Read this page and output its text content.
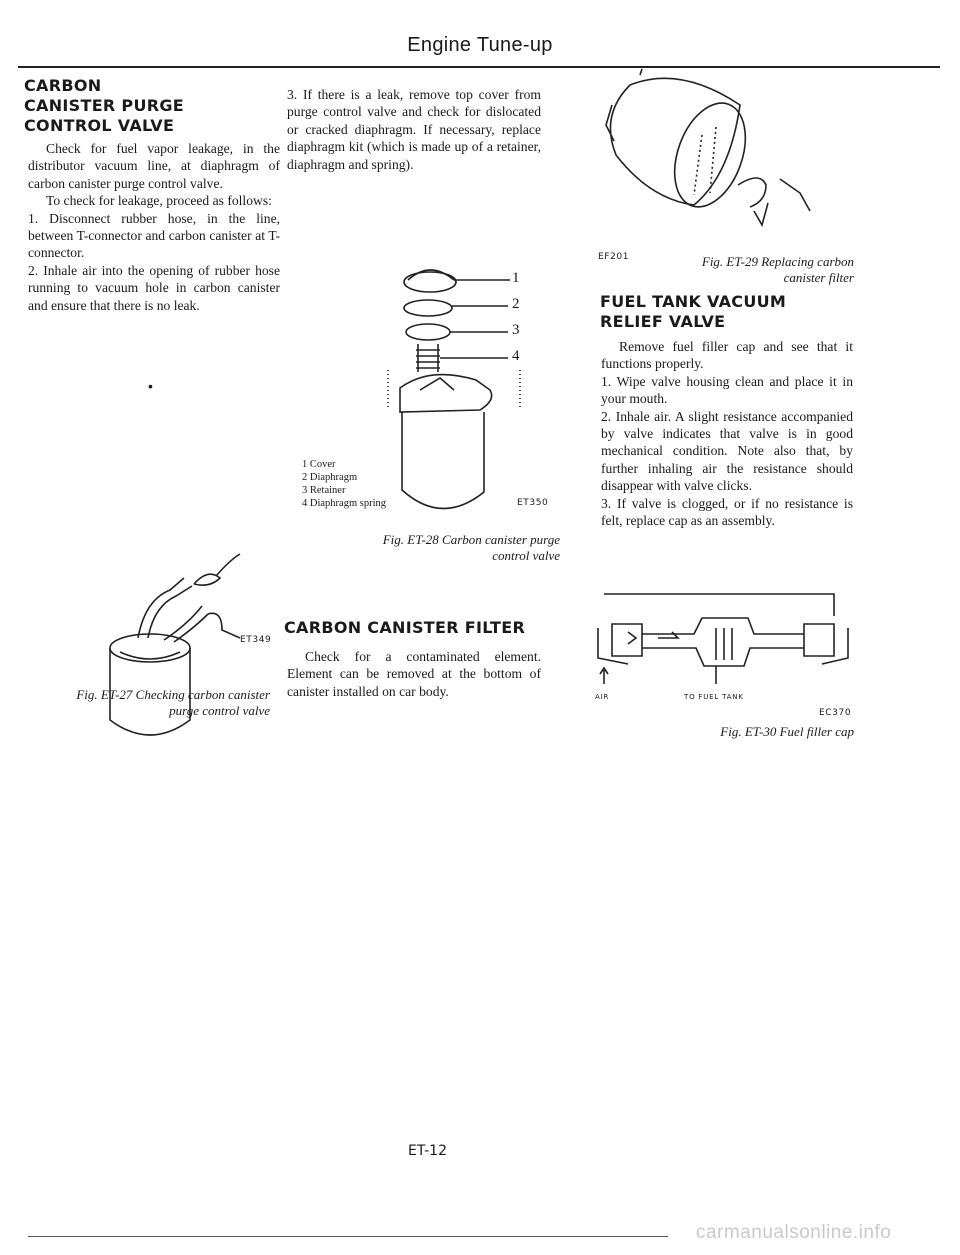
Engine Tune-up
CARBON
CANISTER PURGE
CONTROL VALVE

Check for fuel vapor leakage, in the distributor vacuum line, at diaphragm of carbon canister purge control valve.

To check for leakage, proceed as follows:

1. Disconnect rubber hose, in the line, between T-connector and carbon canister at T-connector.

2. Inhale air into the opening of rubber hose running to vacuum hole in carbon canister and ensure that there is no leak.

•
ET349
Fig. ET-27 Checking carbon canister
purge control valve

3. If there is a leak, remove top cover from purge control valve and check for dislocated or cracked diaphragm. If necessary, replace diaphragm kit (which is made up of a retainer, diaphragm and spring).

1
2
3
4
1 Cover
2 Diaphragm
3 Retainer
4 Diaphragm spring	ET350
Fig. ET-28 Carbon canister purge
control valve
CARBON CANISTER FILTER

Check for a contaminated element. Element can be removed at the bottom of canister installed on car body.

EF201	Fig. ET-29 Replacing carbon
canister filter
FUEL TANK VACUUM
RELIEF VALVE

Remove fuel filler cap and see that it functions properly.

1. Wipe valve housing clean and place it in your mouth.

2. Inhale air. A slight resistance accompanied by valve indicates that valve is in good mechanical condition. Note also that, by further inhaling air the resistance should disappear with valve clicks.

3. If valve is clogged, or if no resistance is felt, replace cap as an assembly.

AIR	TO FUEL TANK
EC370
Fig. ET-30 Fuel filler cap
ET-12
carmanualsonline.info
